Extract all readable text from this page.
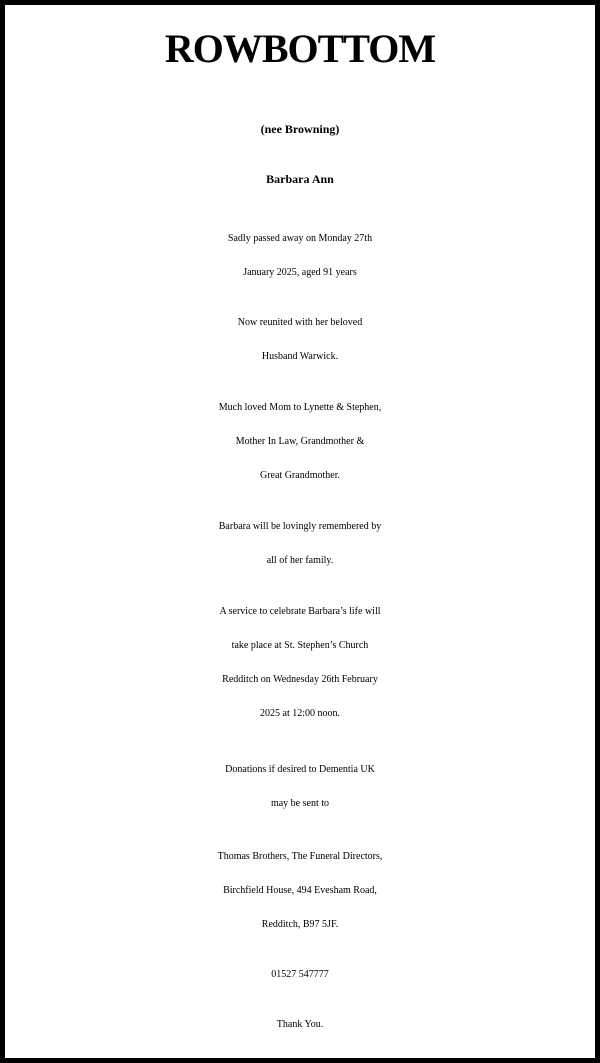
ROWBOTTOM
(nee Browning)
Barbara Ann
Sadly passed away on Monday 27th
January 2025, aged 91 years
Now reunited with her beloved
Husband Warwick.
Much loved Mom to Lynette & Stephen,
Mother In Law, Grandmother &
Great Grandmother.
Barbara will be lovingly remembered by
all of her family.
A service to celebrate Barbara’s life will
take place at St. Stephen’s Church
Redditch on Wednesday 26th February
2025 at 12:00 noon.
Donations if desired to Dementia UK
may be sent to
Thomas Brothers, The Funeral Directors,
Birchfield House, 494 Evesham Road,
Redditch, B97 5JF.
01527 547777
Thank You.
